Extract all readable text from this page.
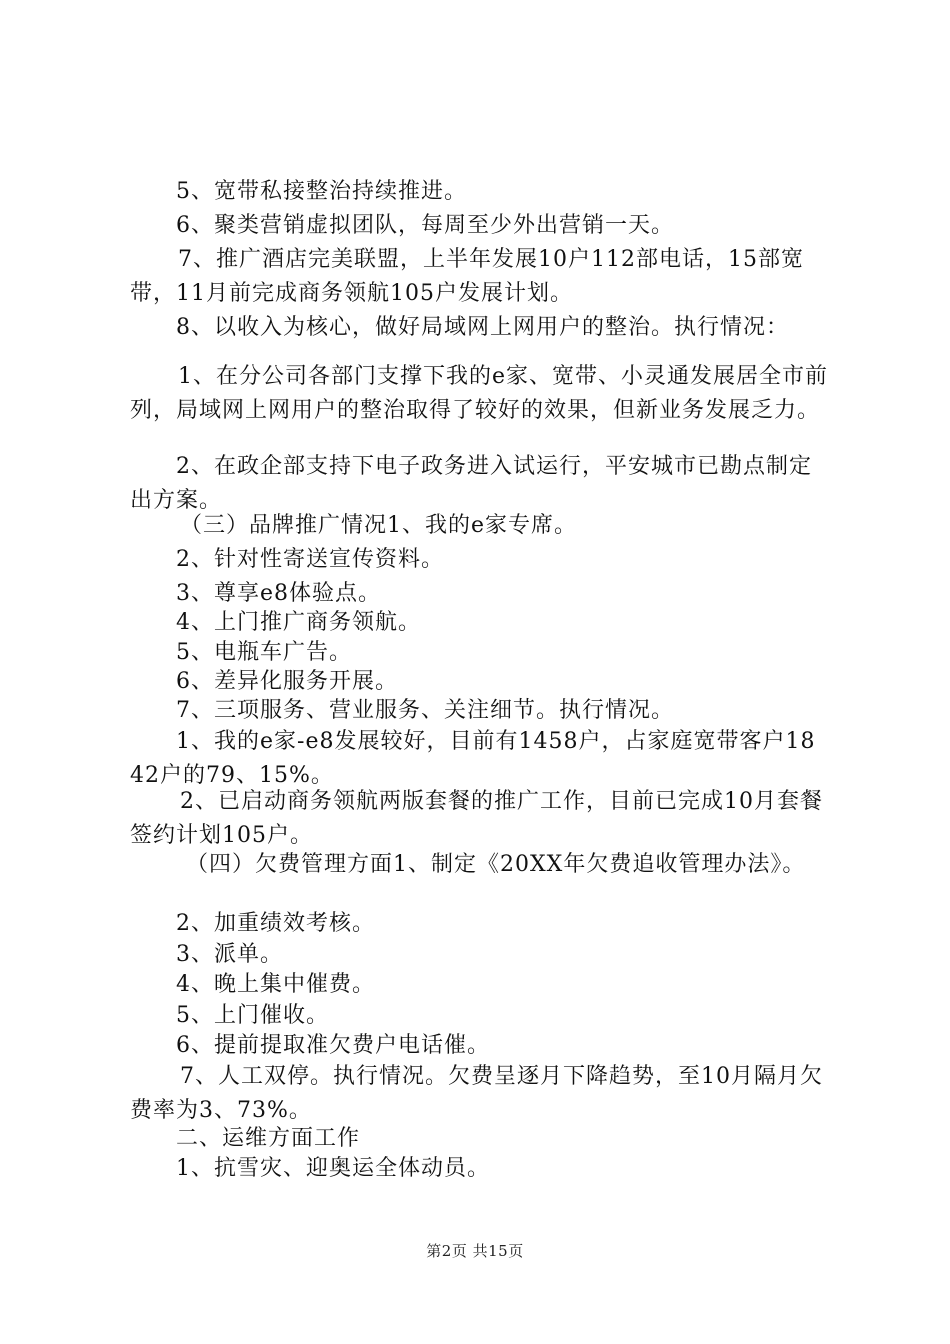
5、宽带私接整治持续推进。

6、聚类营销虚拟团队，每周至少外出营销一天。

7、推广酒店完美联盟，上半年发展10户112部电话，15部宽带，11月前完成商务领航105户发展计划。

8、以收入为核心，做好局域网上网用户的整治。执行情况：

1、在分公司各部门支撑下我的e家、宽带、小灵通发展居全市前列，局域网上网用户的整治取得了较好的效果，但新业务发展乏力。

2、在政企部支持下电子政务进入试运行，平安城市已勘点制定出方案。

（三）品牌推广情况1、我的e家专席。

2、针对性寄送宣传资料。

3、尊享e8体验点。

4、上门推广商务领航。

5、电瓶车广告。

6、差异化服务开展。

7、三项服务、营业服务、关注细节。执行情况。

1、我的e家-e8发展较好，目前有1458户，占家庭宽带客户1842户的79、15%。

2、已启动商务领航两版套餐的推广工作，目前已完成10月套餐签约计划105户。

（四）欠费管理方面1、制定《20XX年欠费追收管理办法》。

2、加重绩效考核。

3、派单。

4、晚上集中催费。

5、上门催收。

6、提前提取准欠费户电话催。

7、人工双停。执行情况。欠费呈逐月下降趋势，至10月隔月欠费率为3、73%。

二、运维方面工作

1、抗雪灾、迎奥运全体动员。

第2页 共15页
